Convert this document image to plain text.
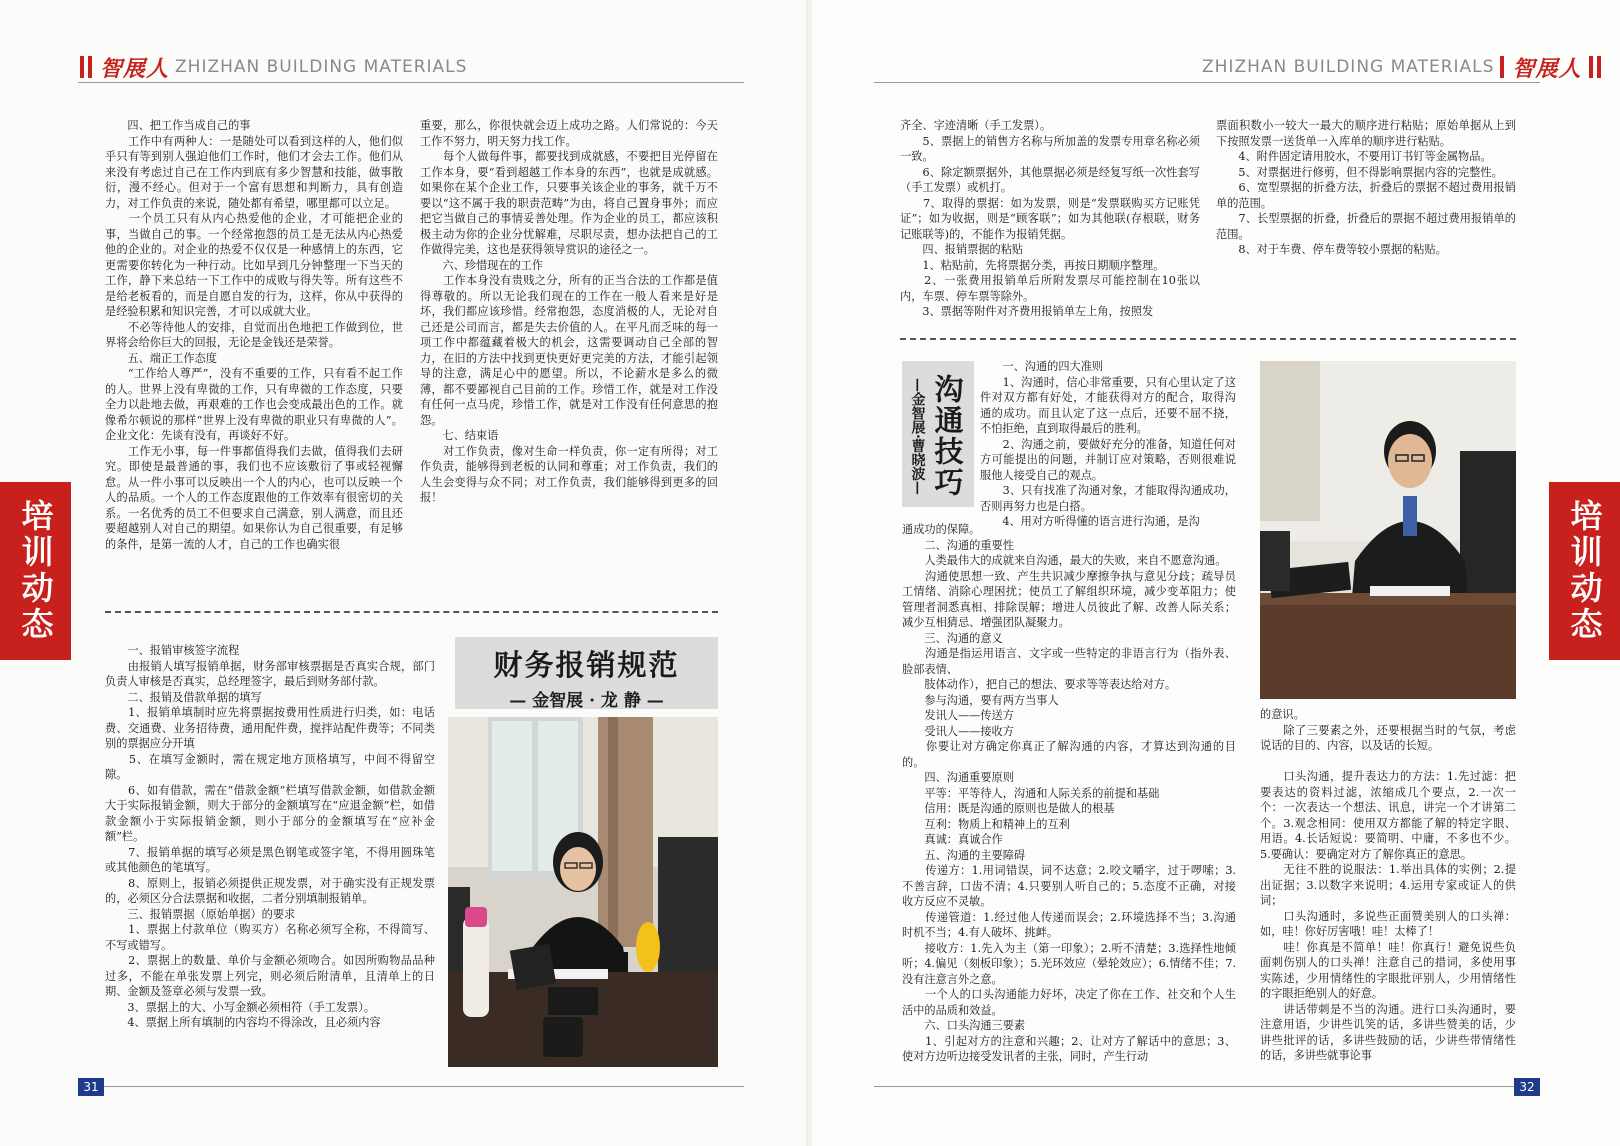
智展人 ZHIZHAN BUILDING MATERIALS
　　四、把工作当成自己的事
　　工作中有两种人：一是随处可以看到这样的人，他们似乎只有等到别人强迫他们工作时，他们才会去工作。他们从来没有考虑过自己在工作内到底有多少智慧和技能，做事散衍，漫不经心。但对于一个富有思想和判断力，具有创造力，对工作负责的来说，随处都有希望，哪里都可以立足。
　　一个员工只有从内心热爱他的企业，才可能把企业的事，当做自己的事。一个经常抱怨的员工是无法从内心热爱他的企业的。对企业的热爱不仅仅是一种感情上的东西，它更需要你转化为一种行动。比如早到几分钟整理一下当天的工作，静下来总结一下工作中的成败与得失等。所有这些不是给老板看的，而是自愿自发的行为，这样，你从中获得的是经验积累和知识完善，才可以成就大业。
　　不必等待他人的安排，自觉而出色地把工作做到位，世界将会给你巨大的回报，无论是金钱还是荣誉。
　　五、端正工作态度
　　“工作给人尊严”，没有不重要的工作，只有看不起工作的人。世界上没有卑微的工作，只有卑微的工作态度，只要全力以赴地去做，再艰难的工作也会变成最出色的工作。就像希尔顿说的那样“世界上没有卑微的职业只有卑微的人”。企业文化：先谈有没有，再谈好不好。
　　工作无小事，每一件事都值得我们去做，值得我们去研究。即使是最普通的事，我们也不应该敷衍了事或轻视懈怠。从一件小事可以反映出一个人的内心，也可以反映一个人的品质。一个人的工作态度跟他的工作效率有很密切的关系。一名优秀的员工不但要求自己满意，别人满意，而且还要超越别人对自己的期望。如果你认为自己很重要，有足够的条件，是第一流的人才，自己的工作也确实很
重要，那么，你很快就会迈上成功之路。人们常说的：今天工作不努力，明天努力找工作。
　　每个人做每件事，都要找到成就感，不要把目光停留在工作本身，要“看到超越工作本身的东西”，也就是成就感。如果你在某个企业工作，只要事关该企业的事务，就千万不要以“这不属于我的职责范畴”为由，将自己置身事外；而应把它当做自己的事情妥善处理。作为企业的员工，都应该积极主动为你的企业分忧解难，尽职尽责，想办法把自己的工作做得完美，这也是获得领导赏识的途径之一。
　　六、珍惜现在的工作
　　工作本身没有贵贱之分，所有的正当合法的工作都是值得尊敬的。所以无论我们现在的工作在一般人看来是好是坏，我们都应该珍惜。经常抱怨，态度消极的人，无论对自己还是公司而言，都是失去价值的人。在平凡而乏味的每一项工作中都蕴藏着极大的机会，这需要调动自己全部的智力，在旧的方法中找到更快更好更完美的方法，才能引起领导的注意，满足心中的愿望。所以，不论薪水是多么的微薄，都不要鄙视自己目前的工作。珍惜工作，就是对工作没有任何一点马虎，珍惜工作，就是对工作没有任何意思的抱怨。
　　七、结束语
　　对工作负责，像对生命一样负责，你一定有所得；对工作负责，能够得到老板的认同和尊重；对工作负责，我们的人生会变得与众不同；对工作负责，我们能够得到更多的回报！
财务报销规范
— 金智展 · 龙 静 —
　　一、报销审核签字流程
　　由报销人填写报销单据，财务部审核票据是否真实合规，部门负责人审核是否真实，总经理签字，最后到财务部付款。
　　二、报销及借款单据的填写
　　1、报销单填制时应先将票据按费用性质进行归类，如：电话费、交通费、业务招待费，通用配件费，搅拌站配件费等；不同类别的票据应分开填
　　5、在填写金额时，需在规定地方顶格填写，中间不得留空隙。
　　6、如有借款，需在“借款金额”栏填写借款金额，如借款金额大于实际报销金额，则大于部分的金额填写在“应退金额”栏，如借款金额小于实际报销金额，则小于部分的金额填写在“应补金额”栏。
　　7、报销单据的填写必须是黑色钢笔或签字笔，不得用圆珠笔或其他颜色的笔填写。
　　8、原则上，报销必须提供正规发票，对于确实没有正规发票的，必须区分合法票据和收据，二者分别填制报销单。
　　三、报销票据（原始单据）的要求
　　1、票据上付款单位（购买方）名称必须写全称，不得简写、不写或错写。
　　2、票据上的数量、单价与金额必须吻合。如因所购物品品种过多，不能在单张发票上列完，则必须后附清单，且清单上的日期、金额及签章必须与发票一致。
　　3、票据上的大、小写金额必须相符（手工发票）。
　　4、票据上所有填制的内容均不得涂改，且必须内容
培训动态
31
ZHIZHAN BUILDING MATERIALS 智展人
齐全、字迹清晰（手工发票）。
　　5、票据上的销售方名称与所加盖的发票专用章名称必须一致。
　　6、除定额票据外，其他票据必须是经复写纸一次性套写（手工发票）或机打。
　　7、取得的票据：如为发票，则是“发票联购买方记账凭证”；如为收据，则是“顾客联”；如为其他联(存根联，财务记账联等)的，不能作为报销凭据。
　　四、报销票据的粘贴
　　1、粘贴前，先将票据分类，再按日期顺序整理。
　　2、一张费用报销单后所附发票尽可能控制在10张以内，车票、停车票等除外。
　　3、票据等附件对齐费用报销单左上角，按照发
票面积数小一较大一最大的顺序进行粘贴；原始单据从上到下按照发票一送货单一入库单的顺序进行粘贴。
　　4、附件固定请用胶水，不要用订书钉等金属物品。
　　5、对票据进行修剪，但不得影响票据内容的完整性。
　　6、宽型票据的折叠方法，折叠后的票据不超过费用报销单的范围。
　　7、长型票据的折叠，折叠后的票据不超过费用报销单的范围。
　　8、对于车费、停车费等较小票据的粘贴。
沟通技巧
—金智展·曹晓波—
　　一、沟通的四大准则
　　1、沟通时，信心非常重要，只有心里认定了这件对双方都有好处，才能获得对方的配合，取得沟通的成功。而且认定了这一点后，还要不屈不挠，不怕拒绝，直到取得最后的胜利。
　　2、沟通之前，要做好充分的准备，知道任何对方可能提出的问题，并制订应对策略，否则很难说服他人接受自己的观点。
　　3、只有找准了沟通对象，才能取得沟通成功，否则再努力也是白搭。
　　4、用对方听得懂的语言进行沟通，是沟
通成功的保障。
　　二、沟通的重要性
　　人类最伟大的成就来自沟通，最大的失败，来自不愿意沟通。
　　沟通使思想一致、产生共识减少摩擦争执与意见分歧；疏导员工情绪、消除心理困扰；使员工了解组织环境，减少变革阻力；使管理者洞悉真相、排除误解；增进人员彼此了解、改善人际关系；减少互相猜忌、增强团队凝聚力。
　　三、沟通的意义
　　沟通是指运用语言、文字或一些特定的非语言行为（指外表、脸部表情、
　　肢体动作），把自己的想法、要求等等表达给对方。
　　参与沟通，要有两方当事人
　　发讯人——传送方
　　受讯人——接收方
　　你要让对方确定你真正了解沟通的内容，才算达到沟通的目的。
　　四、沟通重要原则
　　平等：平等待人，沟通和人际关系的前提和基础
　　信用：既是沟通的原则也是做人的根基
　　互利：物质上和精神上的互利
　　真诚：真诚合作
　　五、沟通的主要障碍
　　传递方：1.用词错误，词不达意；2.咬文嚼字，过于啰嗦；3.不善言辞，口齿不清；4.只要别人听自己的；5.态度不正确，对接收方反应不灵敏。
　　传递管道：1.经过他人传递而误会；2.环境选择不当；3.沟通时机不当；4.有人破坏、挑衅。
　　接收方：1.先入为主（第一印象）；2.听不清楚；3.选择性地倾听；4.偏见（刻板印象）；5.光环效应（晕轮效应）；6.情绪不佳；7.没有注意言外之意。
　　一个人的口头沟通能力好坏，决定了你在工作、社交和个人生活中的品质和效益。
　　六、口头沟通三要素
　　1、引起对方的注意和兴趣；2、让对方了解话中的意思；3、使对方边听边接受发讯者的主张，同时，产生行动
的意识。
　　除了三要素之外，还要根据当时的气氛，考虑说话的目的、内容，以及话的长短。

　　口头沟通，提升表达力的方法：1.先过滤：把要表达的资料过滤，浓缩成几个要点，2.一次一个：一次表达一个想法、讯息，讲完一个才讲第二个。3.观念相同：使用双方都能了解的特定字眼、用语。4.长话短说：要简明、中庸，不多也不少。5.要确认：要确定对方了解你真正的意思。
　　无往不胜的说服法：1.举出具体的实例；2.提出证据；3.以数字来说明；4.运用专家或证人的供词；
　　口头沟通时，多说些正面赞美别人的口头禅：如，哇！你好厉害哦！哇！太棒了！
　　哇！你真是不简单！哇！你真行！避免说些负面刺伤别人的口头禅！注意自己的措词，多使用事实陈述，少用情绪性的字眼批评别人，少用情绪性的字眼拒绝别人的好意。
　　讲话带刺是不当的沟通。进行口头沟通时，要注意用语，少讲些讥笑的话，多讲些赞美的话，少讲些批评的话，多讲些鼓励的话，少讲些带情绪性的话，多讲些就事论事
培训动态
32
